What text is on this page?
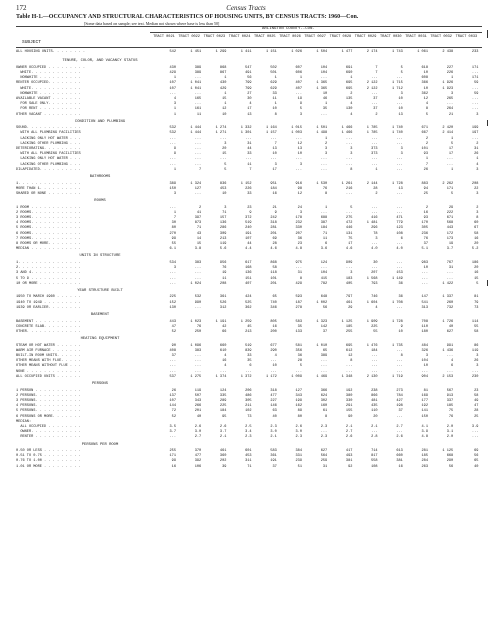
172	Census Tracts
Table H-1.—OCCUPANCY AND STRUCTURAL CHARACTERISTICS OF HOUSING UNITS, BY CENSUS TRACTS: 1960—Con.
[Some data based on sample; see text. Median not shown where base is less than 50]
ARLINGTON COUNTY--CON.
SUBJECT
TRACT 0021	TRACT 0022	TRACT 0023	TRACT 0024	TRACT 0025	TRACT 0026	TRACT 0027	TRACT 0028	TRACT 0029	TRACT 0030	TRACT 0031	TRACT 0032	TRACT 0033
ALL HOUSING UNITS. . . . . . . .	542	1 451	1 299	1 411	1 151	1 026	1 504	1 477	2 174	1 743	1 061	2 438	233
TENURE, COLOR, AND VACANCY STATUS
OWNER OCCUPIED . . . . . . . . .	430	389	868	547	502	607	104	691	7	5	618	227	171
WHITE. . . . . . . . . . . .	429	389	867	491	501	606	104	690	7	5	10	226	...
NONWHITE . . . . . . . . . .	1	...	1	56	1	1	...	1	...	...	608	1	171
RENTER OCCUPIED. . . . . . . .	107	1 041	430	799	629	407	1 365	695	2 122	1 715	366	1 926	59
WHITE. . . . . . . . . . . .	107	1 041	429	799	629	407	1 365	695	2 122	1 712	10	1 923	...
NONWHITE . . . . . . . . . .	...	...	1	27	33	...	10	2	...	3	362	3	59
AVAILABLE VACANT . . . . . . .	4	165	15	30	11	19	46	135	37	10	12	265	...
FOR SALE ONLY. . . . . . . .	3	...	1	4	1	9	1	4	...	...	4	...	...
FOR RENT . . . . . . . . . .	1	161	12	17	10	5	35	130	37	10	8	264	...
OTHER VACANT . . . . . . . . .	1	11	10	13	8	3	...	4	2	13	5	21	3
CONDITION AND PLUMBING
SOUND. . . . . . . . . . . . .	532	1 444	1 274	1 332	1 164	1 015	1 501	1 466	1 785	1 740	671	2 420	199
WITH ALL PLUMBING FACILITIES	532	1 444	1 271	1 301	1 157	1 003	1 498	1 466	1 785	1 740	667	2 414	197
LACKING ONLY HOT WATER . . .	...	...	...	...	...	...	1	...	...	...	2	1	...
LACKING OTHER PLUMBING . . .	...	...	3	31	7	12	2	...	...	...	2	5	2
DETERIORATING. . . . . . . . .	9	...	20	44	13	13	3	3	373	3	101	17	31
WITH ALL PLUMBING FACILITIES	9	...	15	33	10	10	3	3	373	3	93	17	26
LACKING ONLY HOT WATER . . .	...	...	...	...	...	...	...	...	...	...	1	...	1
LACKING OTHER PLUMBING . . .	...	...	5	11	3	3	...	...	...	...	7	...	4
DILAPIDATED. . . . . . . . . .	1	7	5	7	17	...	...	8	1	...	26	1	3
BATHROOMS
1. . . . . . . . . . . . . . .	389	1 324	836	1 152	951	916	1 530	1 261	2 144	1 728	883	2 262	208
MORE THAN 1. . . . . . . . . .	150	127	453	226	184	98	76	216	28	13	94	171	22
SHARED OR NONE . . . . . . . .	3	...	10	33	16	12	8	...	2	...	25	5	3
ROOMS
1 ROOM . . . . . . . . . . . .	...	2	3	23	21	24	1	5	...	...	2	29	2
2 ROOMS. . . . . . . . . . . .	1	41	71	9	9	3	...	...	...	...	16	222	3
3 ROOMS. . . . . . . . . . . .	7	397	157	372	242	178	688	275	416	471	93	671	8
4 ROOMS. . . . . . . . . . . .	30	873	136	519	318	232	387	472	1 481	779	170	568	60
5 ROOMS. . . . . . . . . . . .	80	71	286	240	281	330	184	446	296	123	305	443	67
6 ROOMS. . . . . . . . . . . .	270	43	309	191	201	207	71	131	78	108	236	172	58
7 ROOMS. . . . . . . . . . . .	99	14	213	107	69	36	11	75	3	6	76	173	16
8 ROOMS OR MORE. . . . . . . .	55	15	119	44	28	23	6	17	...	...	37	19	20
MEDIAN . . . . . . . . . . . .	6.1	3.8	5.6	4.4	4.6	4.8	3.6	4.6	4.0	4.0	5.1	3.7	5.2
UNITS IN STRUCTURE
1. . . . . . . . . . . . . . .	534	383	956	617	868	975	124	909	30	...	983	767	186
2. . . . . . . . . . . . . . .	3	...	76	168	58	...	...	...	...	...	10	31	20
3 AND 4. . . . . . . . . . . .	...	...	19	136	118	31	104	3	207	153	...	...	16
5 TO 9 . . . . . . . . . . . .	...	...	11	151	101	8	415	183	1 568	1 149	...	...	15
10 OR MORE . . . . . . . . . .	...	1 024	208	407	201	429	782	405	793	36	...	1 422	5
YEAR STRUCTURE BUILT
1950 TO MARCH 1960 . . . . . .	225	532	361	424	65	593	648	797	746	36	147	1 337	81
1940 TO 1949 . . . . . . . . .	152	990	526	525	740	187	1 002	461	1 604	1 708	541	260	79
1939 OR EARLIER. . . . . . . .	130	...	312	362	346	278	56	29	4	...	313	732	73
BASEMENT
BASEMENT . . . . . . . . . . .	443	1 023	1 191	1 259	805	583	1 323	1 125	1 909	1 728	708	1 726	114
CONCRETE SLAB. . . . . . . . .	47	76	42	45	16	35	142	185	225	9	110	40	55
OTHER. . . . . . . . . . . . .	52	250	66	213	200	133	37	255	55	10	180	627	58
HEATING EQUIPMENT
STEAM OR HOT WATER . . . . . .	90	1 096	660	519	677	581	1 010	695	1 476	1 735	484	991	86
WARM AIR FURNACE . . . . . . .	408	383	610	839	290	356	65	612	184	...	326	1 436	119
BUILT-IN ROOM UNITS. . . . . .	37	...	4	33	4	36	389	12	...	8	3	...	3
OTHER MEANS WITH FLUE. . . . .	...	...	16	35	...	28	...	8	...	...	104	4	26
OTHER MEANS WITHOUT FLUE . . .	...	...	4	6	10	5	...	...	...	...	10	6	3
NONE . . . . . . . . . . . . .	...	...	...	...	...	...	...	...	...	...	...	...	...
ALL OCCUPIED UNITS . . . . . .	537	1 275	1 374	1 372	1 172	1 009	1 469	1 348	2 130	1 719	904	2 153	230
PERSONS
1 PERSON . . . . . . . . . . .	26	119	124	206	318	127	366	192	238	273	81	567	23
2 PERSONS. . . . . . . . . . .	137	507	335	486	477	343	624	380	866	784	169	913	58
3 PERSONS. . . . . . . . . . .	107	343	289	305	227	199	302	330	481	427	177	337	49
4 PERSONS. . . . . . . . . . .	144	266	225	211	146	162	160	291	435	198	192	185	47
5 PERSONS. . . . . . . . . . .	72	201	184	102	63	89	61	155	110	37	141	75	28
6 PERSONS OR MORE. . . . . . .	52	40	95	73	40	80	8	90	20	...	150	76	25
MEDIAN:
ALL OCCUPIED . . . . . . . .	3.5	2.6	2.6	2.5	2.3	2.6	2.3	2.1	2.1	2.7	4.1	2.0	3.9
OWNER. . . . . . . . . . . .	3.7	3.0	3.7	3.4	3.0	3.0	...	2.7	...	...	3.9	3.1	...
RENTER . . . . . . . . . . .	...	2.7	2.1	2.3	2.1	2.3	2.3	2.6	2.8	2.6	4.8	2.0	...
PERSONS PER ROOM
0.50 OR LESS . . . . . . . . .	255	370	461	601	583	384	627	417	714	613	281	1 125	69
0.51 TO 0.75 . . . . . . . . .	171	477	360	453	361	331	564	493	817	660	185	668	56
0.76 TO 1.00 . . . . . . . . .	99	392	202	311	191	239	259	381	558	381	284	290	65
1.01 OR MORE . . . . . . . . .	16	106	39	71	37	51	31	92	108	16	263	56	40
